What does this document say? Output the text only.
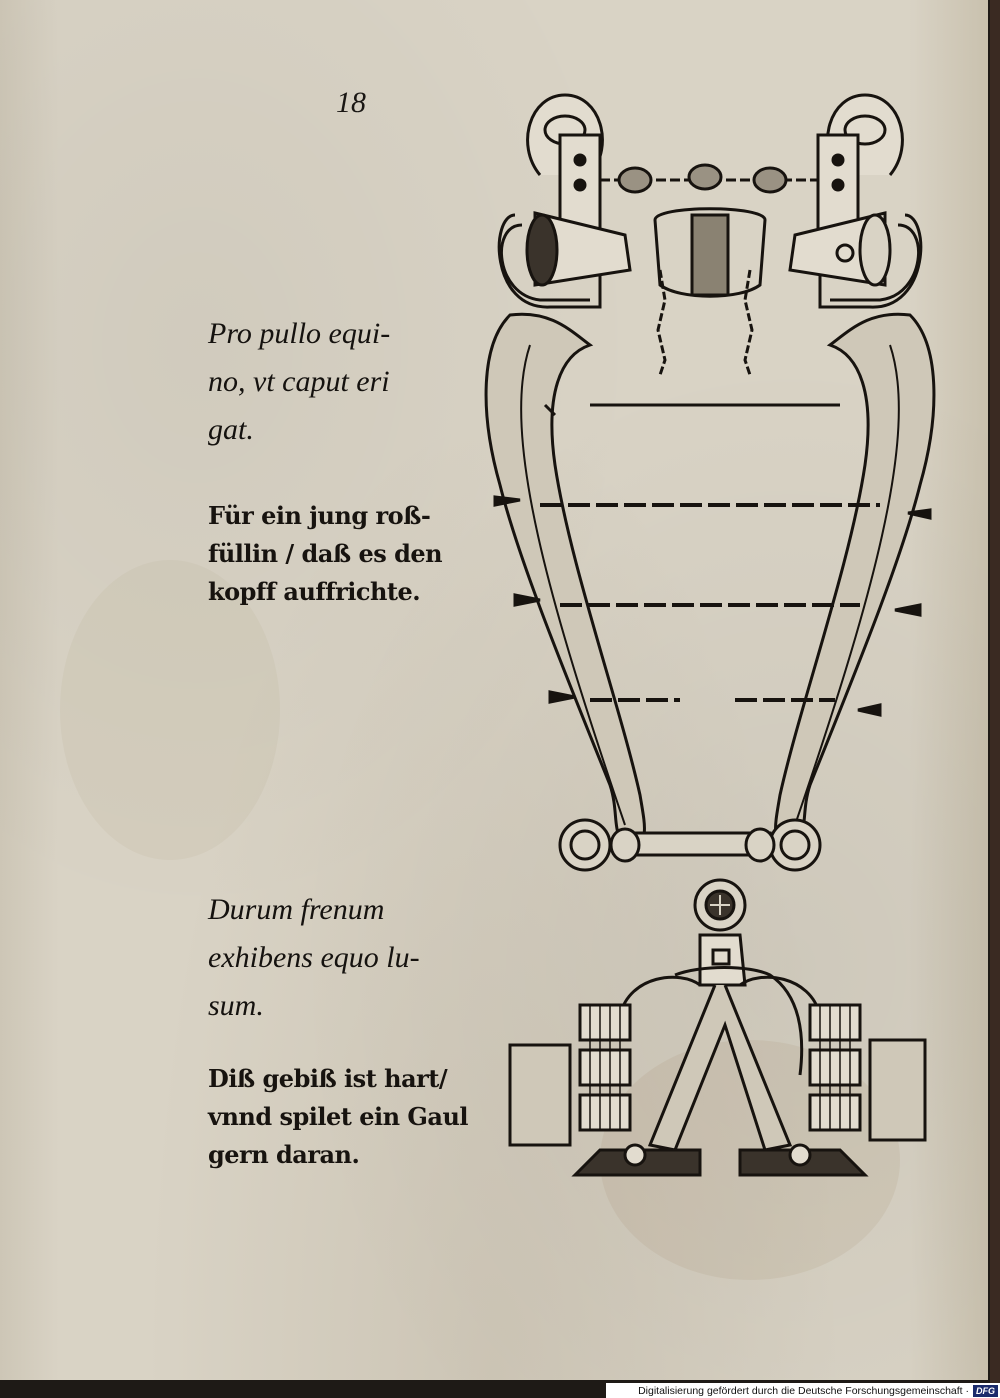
18
Pro pullo equi-
no, vt caput eri
gat.
Für ein jung roß-
füllin / daß es den
kopff auffrichte.
Durum frenum
exhibens equo lu-
sum.
Diß gebiß ist hart/
vnnd spilet ein Gaul
gern daran.
Digitalisierung gefördert durch die Deutsche Forschungsgemeinschaft · DFG
